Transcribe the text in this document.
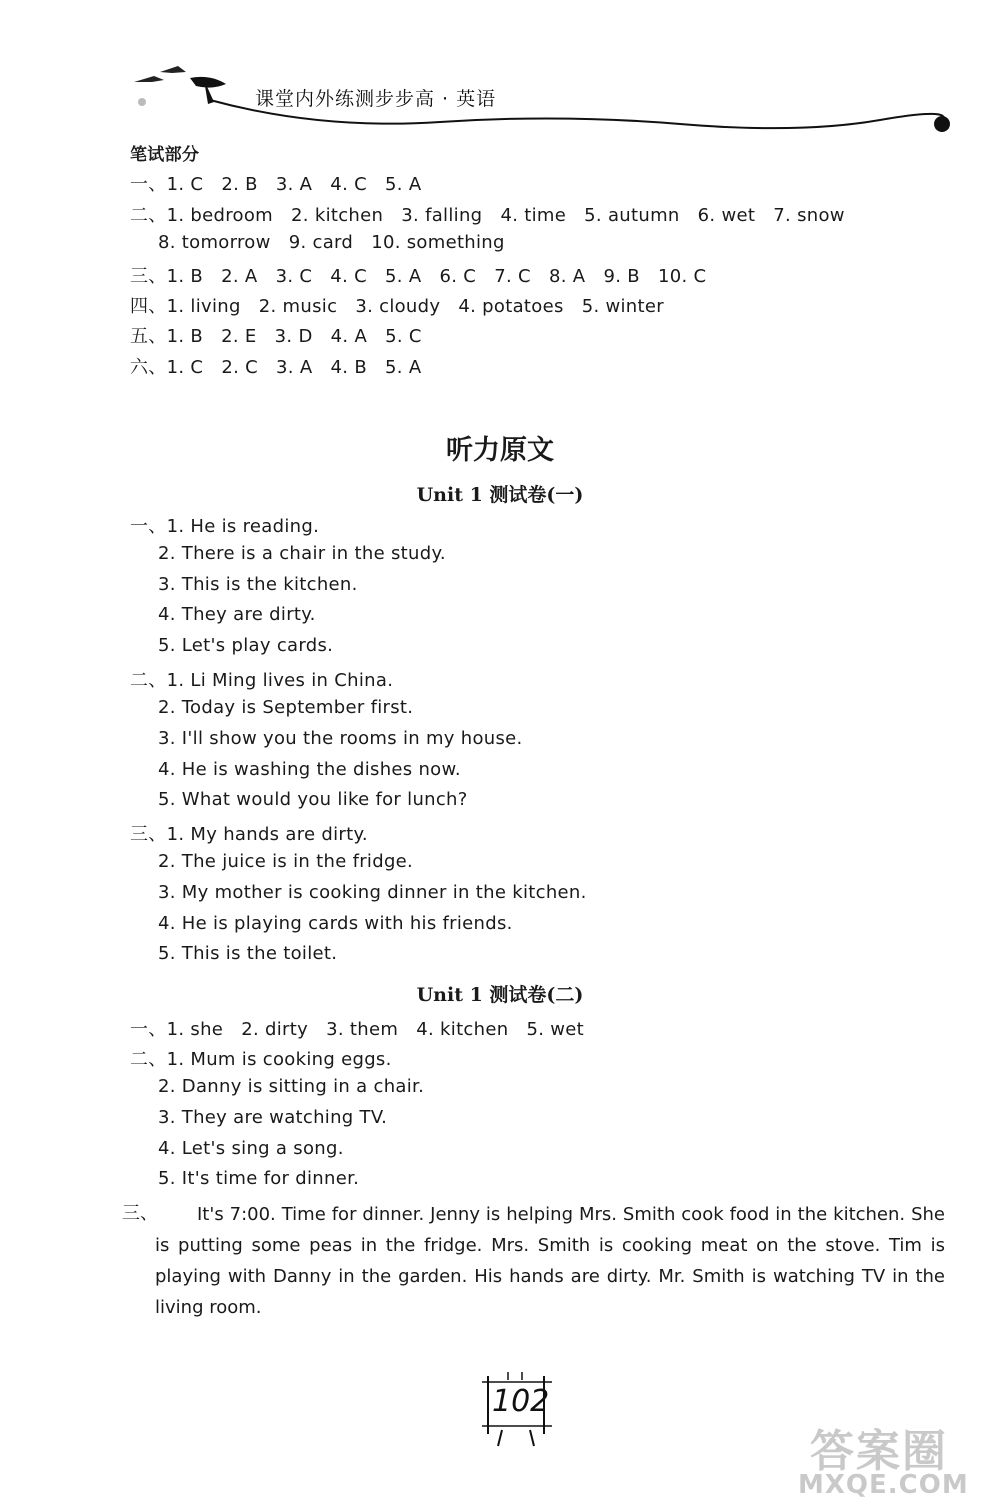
课堂内外练测步步高 · 英语
笔试部分
一、1. C   2. B   3. A   4. C   5. A
二、1. bedroom   2. kitchen   3. falling   4. time   5. autumn   6. wet   7. snow
8. tomorrow   9. card   10. something
三、1. B   2. A   3. C   4. C   5. A   6. C   7. C   8. A   9. B   10. C
四、1. living   2. music   3. cloudy   4. potatoes   5. winter
五、1. B   2. E   3. D   4. A   5. C
六、1. C   2. C   3. A   4. B   5. A
听力原文
Unit 1 测试卷(一)
一、1. He is reading.
2. There is a chair in the study.
3. This is the kitchen.
4. They are dirty.
5. Let's play cards.
二、1. Li Ming lives in China.
2. Today is September first.
3. I'll show you the rooms in my house.
4. He is washing the dishes now.
5. What would you like for lunch?
三、1. My hands are dirty.
2. The juice is in the fridge.
3. My mother is cooking dinner in the kitchen.
4. He is playing cards with his friends.
5. This is the toilet.
Unit 1 测试卷(二)
一、1. she   2. dirty   3. them   4. kitchen   5. wet
二、1. Mum is cooking eggs.
2. Danny is sitting in a chair.
3. They are watching TV.
4. Let's sing a song.
5. It's time for dinner.
三、	It's 7:00. Time for dinner. Jenny is helping Mrs. Smith cook food in the kitchen. She is putting some peas in the fridge. Mrs. Smith is cooking meat on the stove. Tim is playing with Danny in the garden. His hands are dirty. Mr. Smith is watching TV in the living room.
102
答案圈
MXQE.COM
